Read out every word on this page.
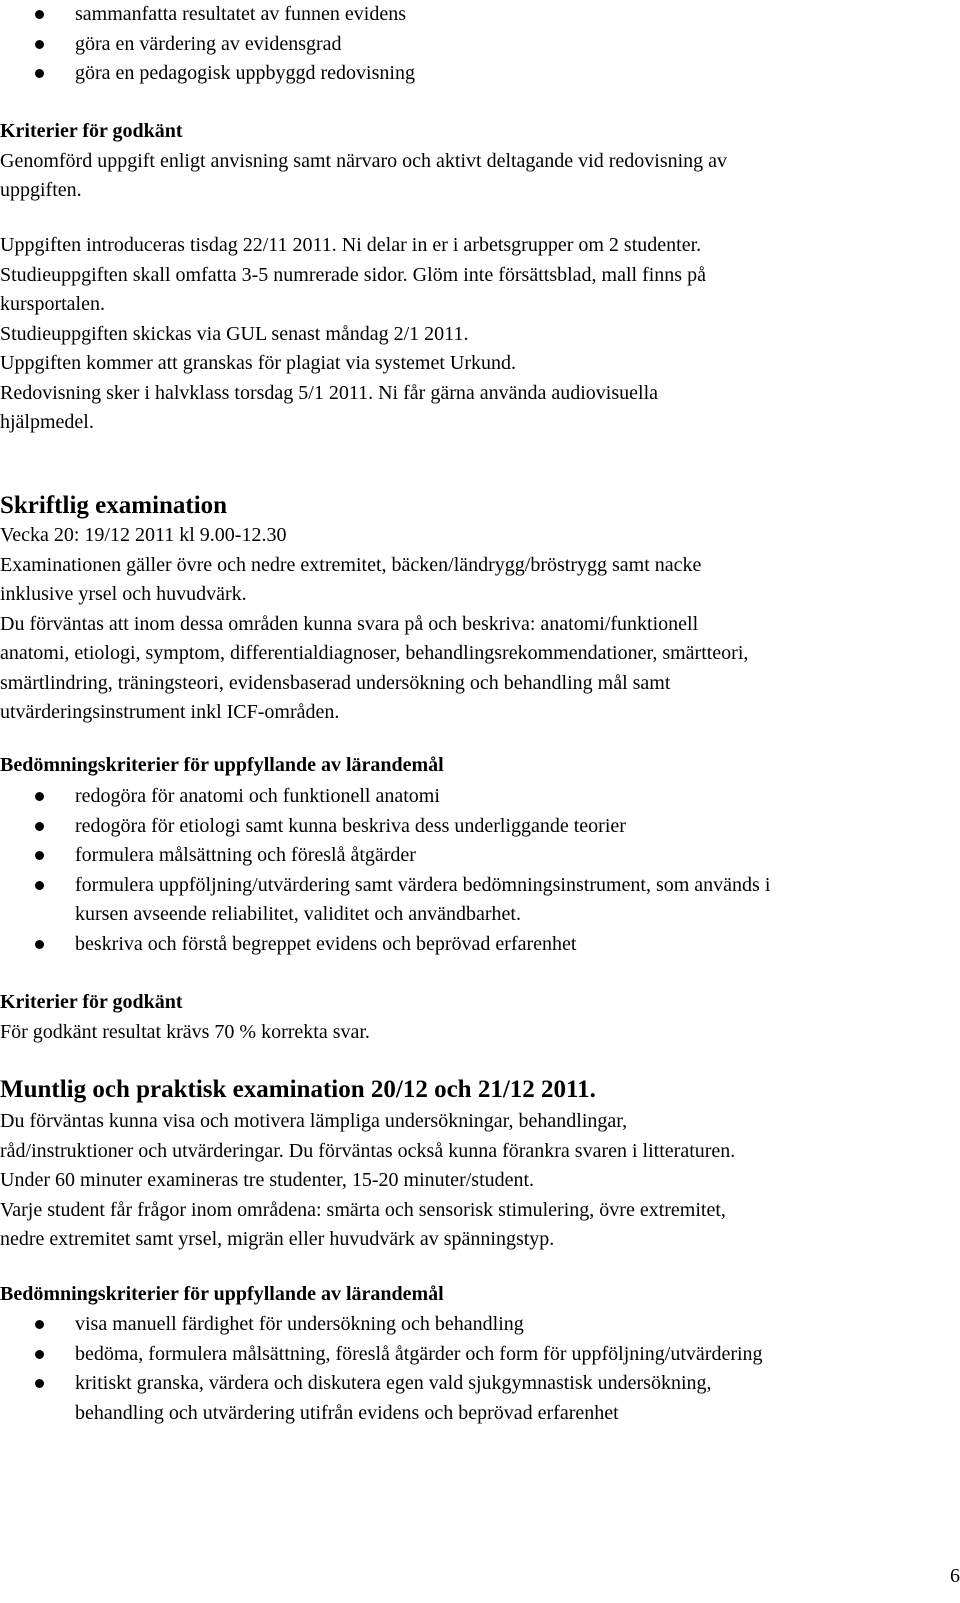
sammanfatta resultatet av funnen evidens
göra en värdering av evidensgrad
göra en pedagogisk uppbyggd redovisning
Kriterier för godkänt
Genomförd uppgift enligt anvisning samt närvaro och aktivt deltagande vid redovisning av
uppgiften.
Uppgiften introduceras tisdag 22/11 2011. Ni delar in er i arbetsgrupper om 2 studenter.
Studieuppgiften skall omfatta 3-5 numrerade sidor. Glöm inte försättsblad, mall finns på
kursportalen.
Studieuppgiften skickas via GUL senast måndag 2/1 2011.
Uppgiften kommer att granskas för plagiat via systemet Urkund.
Redovisning sker i halvklass torsdag 5/1 2011. Ni får gärna använda audiovisuella
hjälpmedel.
Skriftlig examination
Vecka 20: 19/12 2011 kl 9.00-12.30
Examinationen gäller övre och nedre extremitet, bäcken/ländrygg/bröstrygg samt nacke
inklusive yrsel och huvudvärk.
Du förväntas att inom dessa områden kunna svara på och beskriva: anatomi/funktionell
anatomi, etiologi, symptom, differentialdiagnoser, behandlingsrekommendationer, smärtteori,
smärtlindring, träningsteori, evidensbaserad undersökning och behandling mål samt
utvärderingsinstrument inkl ICF-områden.
Bedömningskriterier för uppfyllande av lärandemål
redogöra för anatomi och funktionell anatomi
redogöra för etiologi samt kunna beskriva dess underliggande teorier
formulera målsättning och föreslå åtgärder
formulera uppföljning/utvärdering samt värdera bedömningsinstrument, som används i
kursen avseende reliabilitet, validitet och användbarhet.
beskriva och förstå begreppet evidens och beprövad erfarenhet
Kriterier för godkänt
För godkänt resultat krävs 70 % korrekta svar.
Muntlig och praktisk examination 20/12 och 21/12 2011.
Du förväntas kunna visa och motivera lämpliga undersökningar, behandlingar,
råd/instruktioner och utvärderingar. Du förväntas också kunna förankra svaren i litteraturen.
Under 60 minuter examineras tre studenter, 15-20 minuter/student.
Varje student får frågor inom områdena: smärta och sensorisk stimulering, övre extremitet,
nedre extremitet samt yrsel, migrän eller huvudvärk av spänningstyp.
Bedömningskriterier för uppfyllande av lärandemål
visa manuell färdighet för undersökning och behandling
bedöma, formulera målsättning, föreslå åtgärder och form för uppföljning/utvärdering
kritiskt granska, värdera och diskutera egen vald sjukgymnastisk undersökning,
behandling och utvärdering utifrån evidens och beprövad erfarenhet
6
